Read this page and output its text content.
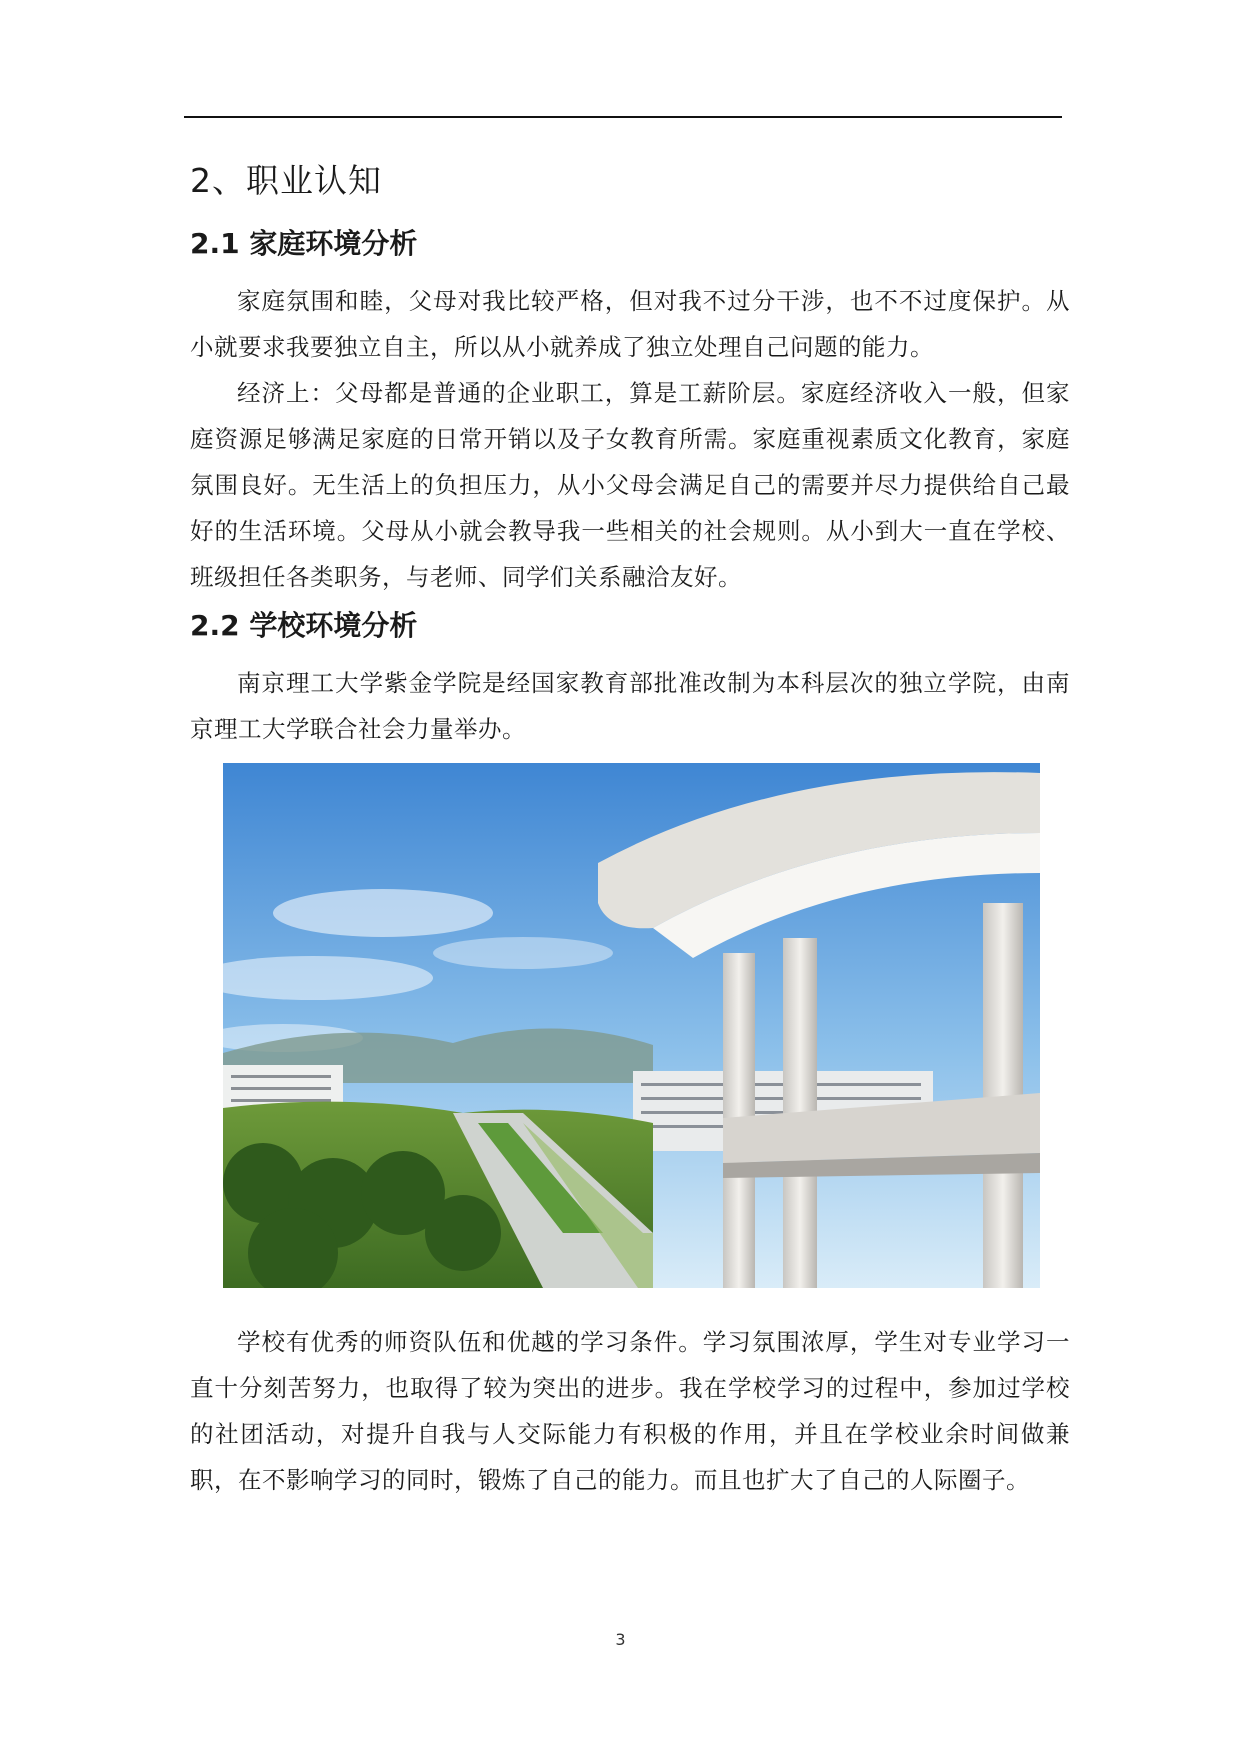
2、职业认知
2.1 家庭环境分析

家庭氛围和睦，父母对我比较严格，但对我不过分干涉，也不不过度保护。从小就要求我要独立自主，所以从小就养成了独立处理自己问题的能力。

经济上：父母都是普通的企业职工，算是工薪阶层。家庭经济收入一般，但家庭资源足够满足家庭的日常开销以及子女教育所需。家庭重视素质文化教育，家庭氛围良好。无生活上的负担压力，从小父母会满足自己的需要并尽力提供给自己最好的生活环境。父母从小就会教导我一些相关的社会规则。从小到大一直在学校、班级担任各类职务，与老师、同学们关系融洽友好。

2.2 学校环境分析

南京理工大学紫金学院是经国家教育部批准改制为本科层次的独立学院，由南京理工大学联合社会力量举办。

学校有优秀的师资队伍和优越的学习条件。学习氛围浓厚，学生对专业学习一直十分刻苦努力，也取得了较为突出的进步。我在学校学习的过程中，参加过学校的社团活动，对提升自我与人交际能力有积极的作用，并且在学校业余时间做兼职，在不影响学习的同时，锻炼了自己的能力。而且也扩大了自己的人际圈子。

3
